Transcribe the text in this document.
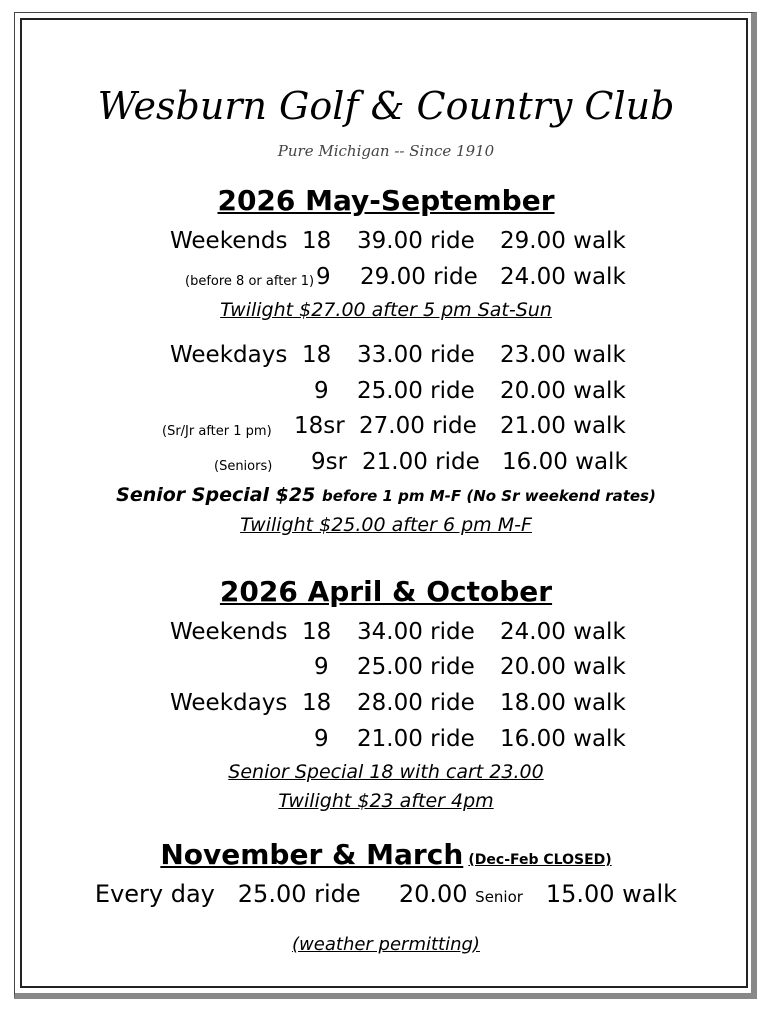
Wesburn Golf & Country Club
Pure Michigan -- Since 1910
2026 May-September
Weekends 18 39.00 ride 29.00 walk
(before 8 or after 1) 9 29.00 ride 24.00 walk
Twilight $27.00 after 5 pm Sat-Sun
Weekdays 18 33.00 ride 23.00 walk
9 25.00 ride 20.00 walk
(Sr/Jr after 1 pm) 18sr 27.00 ride 21.00 walk
(Seniors) 9sr 21.00 ride 16.00 walk
Senior Special $25 before 1 pm M-F (No Sr weekend rates)
Twilight $25.00 after 6 pm M-F
2026 April & October
Weekends 18 34.00 ride 24.00 walk
9 25.00 ride 20.00 walk
Weekdays 18 28.00 ride 18.00 walk
9 21.00 ride 16.00 walk
Senior Special 18 with cart 23.00
Twilight $23 after 4pm
November & March (Dec-Feb CLOSED)
Every day 25.00 ride 20.00 Senior 15.00 walk
(weather permitting)
